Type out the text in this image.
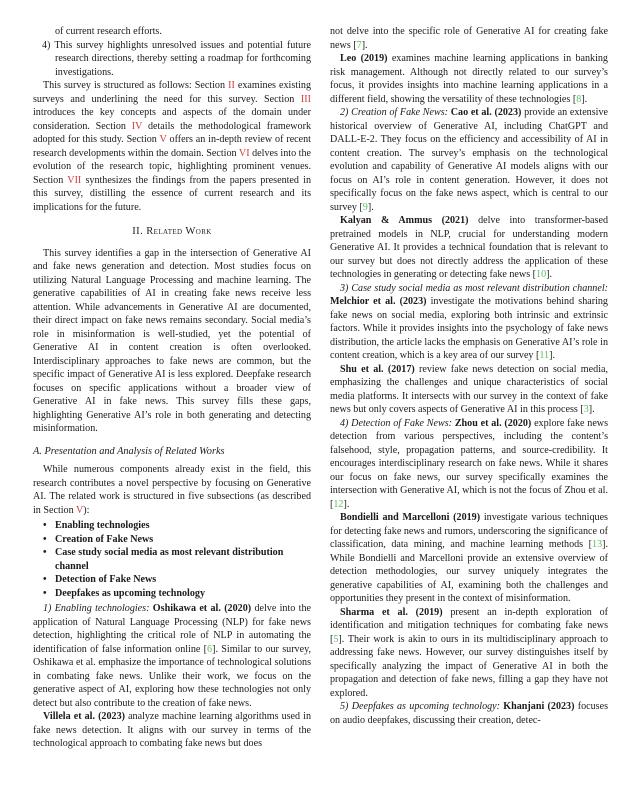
of current research efforts.

4) This survey highlights unresolved issues and potential future research directions, thereby setting a roadmap for forthcoming investigations.

This survey is structured as follows: Section II examines existing surveys and underlining the need for this survey. Section III introduces the key concepts and aspects of the domain under consideration. Section IV details the methodological framework adopted for this study. Section V offers an in-depth review of recent research developments within the domain. Section VI delves into the evolution of the research topic, highlighting prominent venues. Section VII synthesizes the findings from the papers presented in this survey, distilling the essence of current research and its implications for the future.

II. Related Work

This survey identifies a gap in the intersection of Generative AI and fake news generation and detection. Most studies focus on utilizing Natural Language Processing and machine learning. The generative capabilities of AI in creating fake news receive less attention. While advancements in Generative AI are documented, their direct impact on fake news remains secondary. Social media’s role in misinformation is well-studied, yet the potential of Generative AI in content creation is often overlooked. Interdisciplinary approaches to fake news are common, but the specific impact of Generative AI is less explored. Deepfake research focuses on specific applications without a broader view of Generative AI in fake news. This survey fills these gaps, highlighting Generative AI’s role in both generating and detecting misinformation.

A. Presentation and Analysis of Related Works

While numerous components already exist in the field, this research contributes a novel perspective by focusing on Generative AI. The related work is structured in five subsections (as described in Section V):

• Enabling technologies
• Creation of Fake News
• Case study social media as most relevant distribution channel
• Detection of Fake News
• Deepfakes as upcoming technology

1) Enabling technologies: Oshikawa et al. (2020) delve into the application of Natural Language Processing (NLP) for fake news detection, highlighting the critical role of NLP in automating the identification of false information online [6]. Similar to our survey, Oshikawa et al. emphasize the importance of technological solutions in combating fake news. Unlike their work, we focus on the generative aspect of AI, exploring how these technologies not only detect but also contribute to the creation of fake news.

Villela et al. (2023) analyze machine learning algorithms used in fake news detection. It aligns with our survey in terms of the technological approach to combating fake news but does

not delve into the specific role of Generative AI for creating fake news [7].

Leo (2019) examines machine learning applications in banking risk management. Although not directly related to our survey’s focus, it provides insights into machine learning applications in a different field, showing the versatility of these technologies [8].

2) Creation of Fake News: Cao et al. (2023) provide an extensive historical overview of Generative AI, including ChatGPT and DALL-E-2. They focus on the efficiency and accessibility of AI in content creation. The survey’s emphasis on the technological evolution and capability of Generative AI models aligns with our focus on AI’s role in content generation. However, it does not specifically focus on the fake news aspect, which is central to our survey [9].

Kalyan & Ammus (2021) delve into transformer-based pretrained models in NLP, crucial for understanding modern Generative AI. It provides a technical foundation that is relevant to our survey but does not directly address the application of these technologies in generating or detecting fake news [10].

3) Case study social media as most relevant distribution channel: Melchior et al. (2023) investigate the motivations behind sharing fake news on social media, exploring both intrinsic and extrinsic factors. While it provides insights into the psychology of fake news distribution, the article lacks the emphasis on Generative AI’s role in content creation, which is a key area of our survey [11].

Shu et al. (2017) review fake news detection on social media, emphasizing the challenges and unique characteristics of social media platforms. It intersects with our survey in the context of fake news but only covers aspects of Generative AI in this process [3].

4) Detection of Fake News: Zhou et al. (2020) explore fake news detection from various perspectives, including the content’s falsehood, style, propagation patterns, and source-credibility. It encourages interdisciplinary research on fake news. While it shares our focus on fake news, our survey specifically examines the intersection with Generative AI, which is not the focus of Zhou et al. [12].

Bondielli and Marcelloni (2019) investigate various techniques for detecting fake news and rumors, underscoring the significance of classification, data mining, and machine learning methods [13]. While Bondielli and Marcelloni provide an extensive overview of detection methodologies, our survey uniquely integrates the generative capabilities of AI, examining both the challenges and opportunities they present in the context of misinformation.

Sharma et al. (2019) present an in-depth exploration of identification and mitigation techniques for combating fake news [5]. Their work is akin to ours in its multidisciplinary approach to addressing fake news. However, our survey distinguishes itself by specifically analyzing the impact of Generative AI in both the propagation and detection of fake news, filling a gap they have not explored.

5) Deepfakes as upcoming technology: Khanjani (2023) focuses on audio deepfakes, discussing their creation, detec-
